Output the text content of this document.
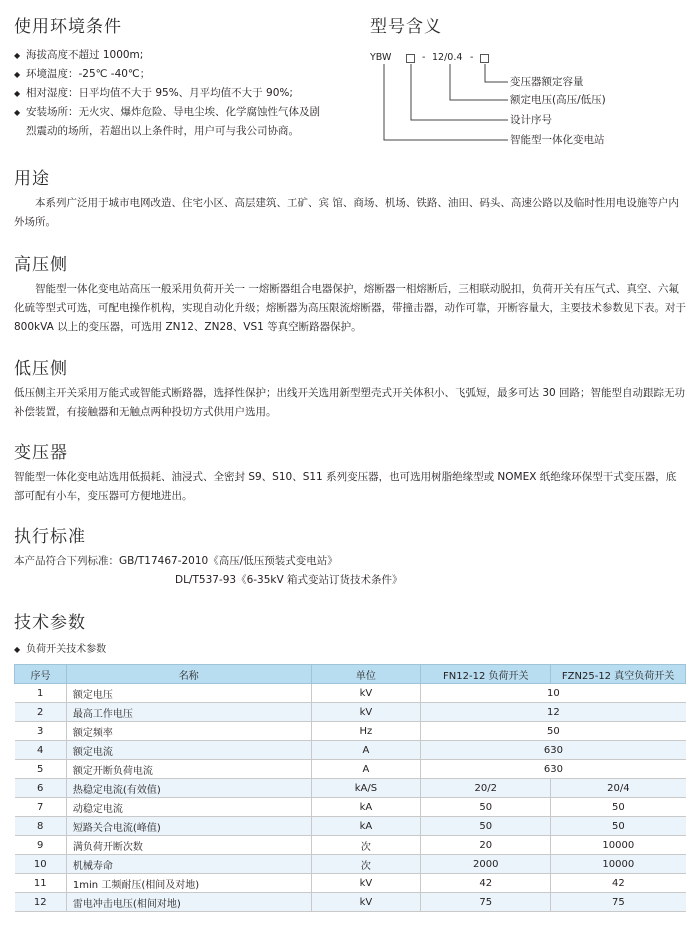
使用环境条件
◆ 海拔高度不超过 1000m;
◆ 环境温度：-25℃ -40℃；
◆ 相对湿度：日平均值不大于 95%、月平均值不大于 90%;
◆ 安装场所：无火灾、爆炸危险、导电尘埃、化学腐蚀性气体及剧
烈震动的场所，若超出以上条件时，用户可与我公司协商。
型号含义
YBW	- 12/0.4 -
变压器额定容量
额定电压(高压/低压)
设计序号
智能型一体化变电站
用途
本系列广泛用于城市电网改造、住宅小区、高层建筑、工矿、宾 馆、商场、机场、铁路、油田、码头、高速公路以及临时性用电设施等户内外场所。
高压侧
智能型一体化变电站高压一般采用负荷开关一 一熔断器组合电器保护，熔断器一相熔断后，三相联动脱扣，负荷开关有压气式、真空、六氟化硫等型式可选，可配电操作机构，实现自动化升级；熔断器为高压限流熔断器，带撞击器，动作可靠，开断容量大，主要技术参数见下表。对于 800kVA 以上的变压器，可选用 ZN12、ZN28、VS1 等真空断路器保护。
低压侧
低压侧主开关采用万能式或智能式断路器，选择性保护；出线开关选用新型塑壳式开关体积小、飞弧短，最多可达 30 回路；智能型自动跟踪无功补偿装置，有接触器和无触点两种投切方式供用户选用。
变压器
智能型一体化变电站选用低损耗、油浸式、全密封 S9、S10、S11 系列变压器，也可选用树脂绝缘型或 NOMEX 纸绝缘环保型干式变压器，底部可配有小车，变压器可方便地进出。
执行标准
本产品符合下列标准：GB/T17467-2010《高压/低压预装式变电站》
DL/T537-93《6-35kV 箱式变站订货技术条件》
技术参数
◆ 负荷开关技术参数
序号	名称	单位	FN12-12 负荷开关	FZN25-12 真空负荷开关
1	额定电压	kV	10	
2	最高工作电压	kV	12	
3	额定频率	Hz	50	
4	额定电流	A	630	
5	额定开断负荷电流	A	630	
6	热稳定电流(有效值)	kA/S	20/2	20/4
7	动稳定电流	kA	50	50
8	短路关合电流(峰值)	kA	50	50
9	满负荷开断次数	次	20	10000
10	机械寿命	次	2000	10000
11	1min 工频耐压(相间及对地)	kV	42	42
12	雷电冲击电压(相间对地)	kV	75	75
